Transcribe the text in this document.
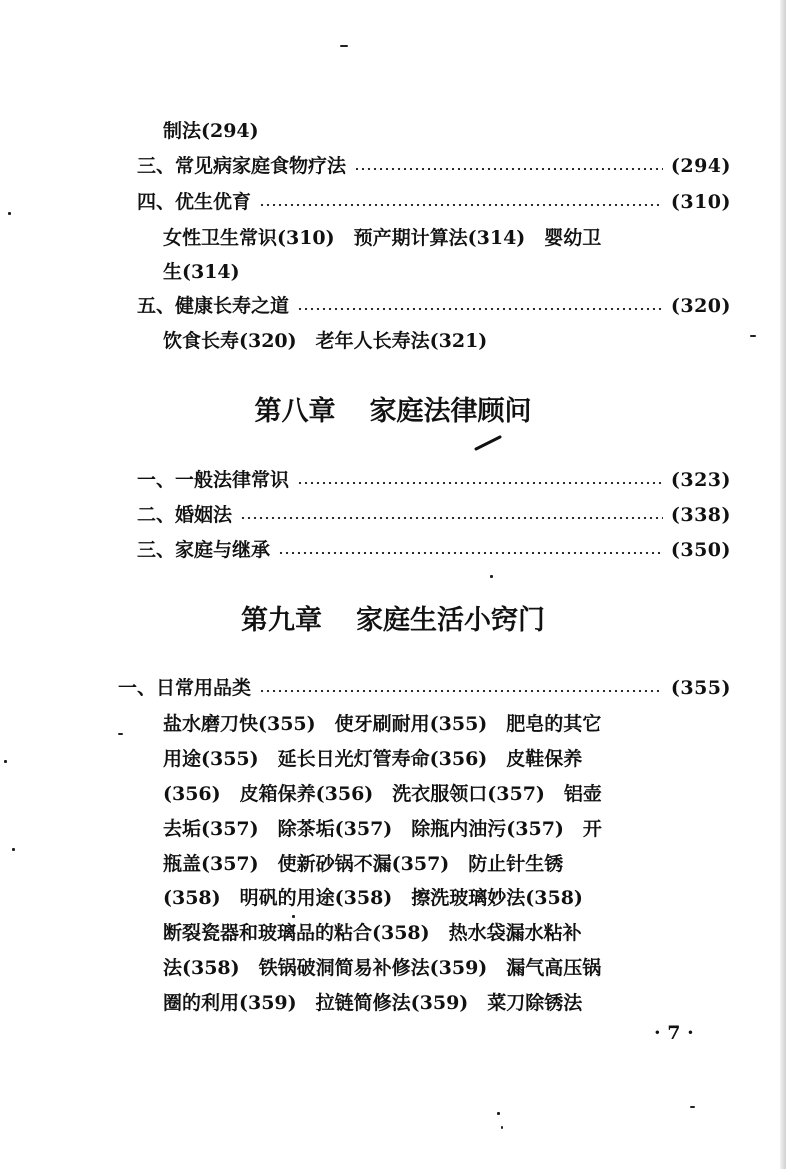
制法(294)
三、常见病家庭食物疗法	(294)
四、优生优育	(310)
女性卫生常识(310)　预产期计算法(314)　婴幼卫
生(314)
五、健康长寿之道	(320)
饮食长寿(320)　老年人长寿法(321)
第八章 家庭法律顾问
一、一般法律常识	(323)
二、婚姻法	(338)
三、家庭与继承	(350)
第九章 家庭生活小窍门
一、日常用品类	(355)
盐水磨刀快(355)　使牙刷耐用(355)　肥皂的其它
用途(355)　延长日光灯管寿命(356)　皮鞋保养
(356)　皮箱保养(356)　洗衣服领口(357)　铝壶
去垢(357)　除茶垢(357)　除瓶内油污(357)　开
瓶盖(357)　使新砂锅不漏(357)　防止针生锈
(358)　明矾的用途(358)　擦洗玻璃妙法(358)
断裂瓷器和玻璃品的粘合(358)　热水袋漏水粘补
法(358)　铁锅破洞简易补修法(359)　漏气高压锅
圈的利用(359)　拉链简修法(359)　菜刀除锈法
· 7 ·
